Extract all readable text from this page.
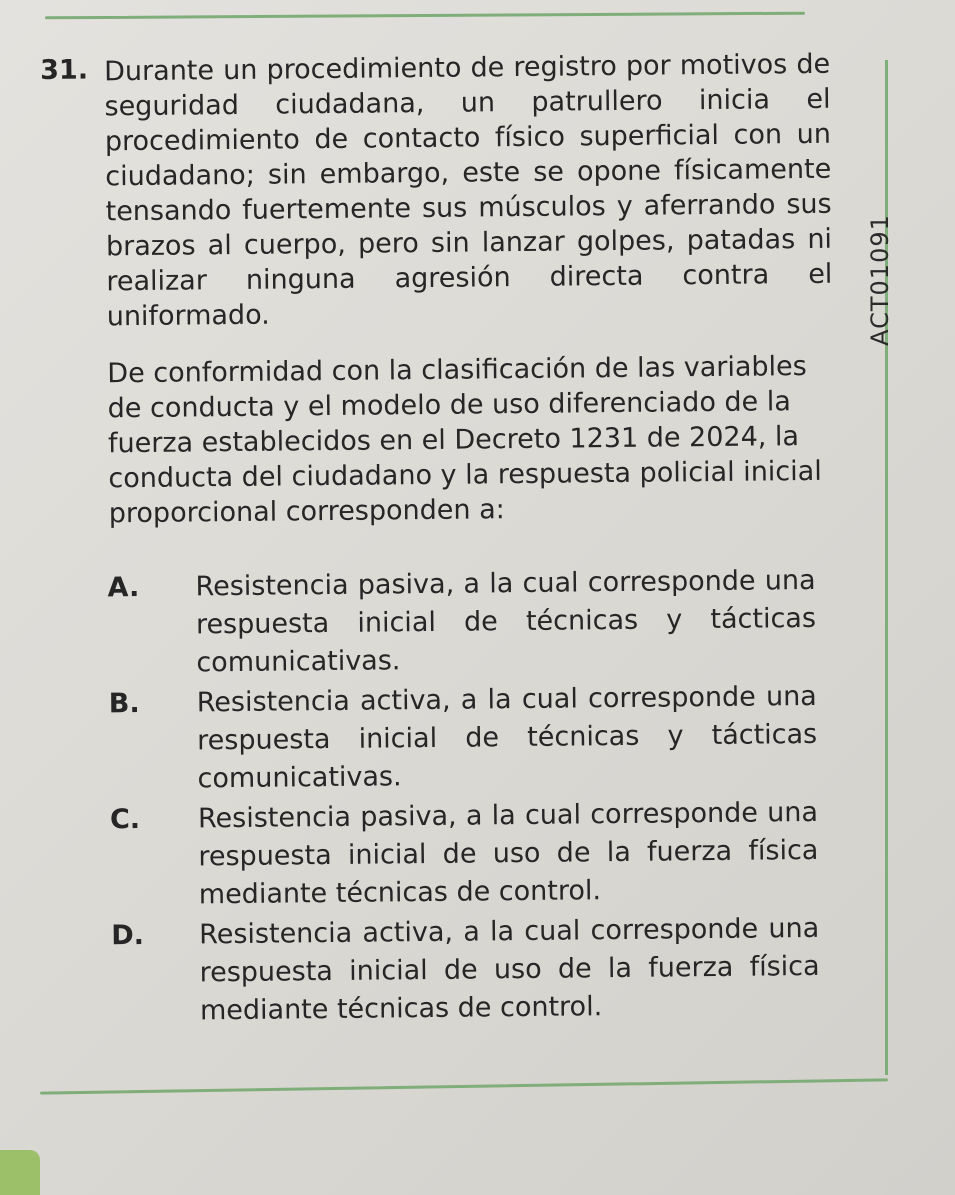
ACT01091
31. Durante un procedimiento de registro por motivos de seguridad ciudadana, un patrullero inicia el procedimiento de contacto físico superficial con un ciudadano; sin embargo, este se opone físicamente tensando fuertemente sus músculos y aferrando sus brazos al cuerpo, pero sin lanzar golpes, patadas ni realizar ninguna agresión directa contra el uniformado.

De conformidad con la clasificación de las variables de conducta y el modelo de uso diferenciado de la fuerza establecidos en el Decreto 1231 de 2024, la conducta del ciudadano y la respuesta policial inicial proporcional corresponden a:

A.	Resistencia pasiva, a la cual corresponde una respuesta inicial de técnicas y tácticas comunicativas.
B.	Resistencia activa, a la cual corresponde una respuesta inicial de técnicas y tácticas comunicativas.
C.	Resistencia pasiva, a la cual corresponde una respuesta inicial de uso de la fuerza física mediante técnicas de control.
D.	Resistencia activa, a la cual corresponde una respuesta inicial de uso de la fuerza física mediante técnicas de control.
